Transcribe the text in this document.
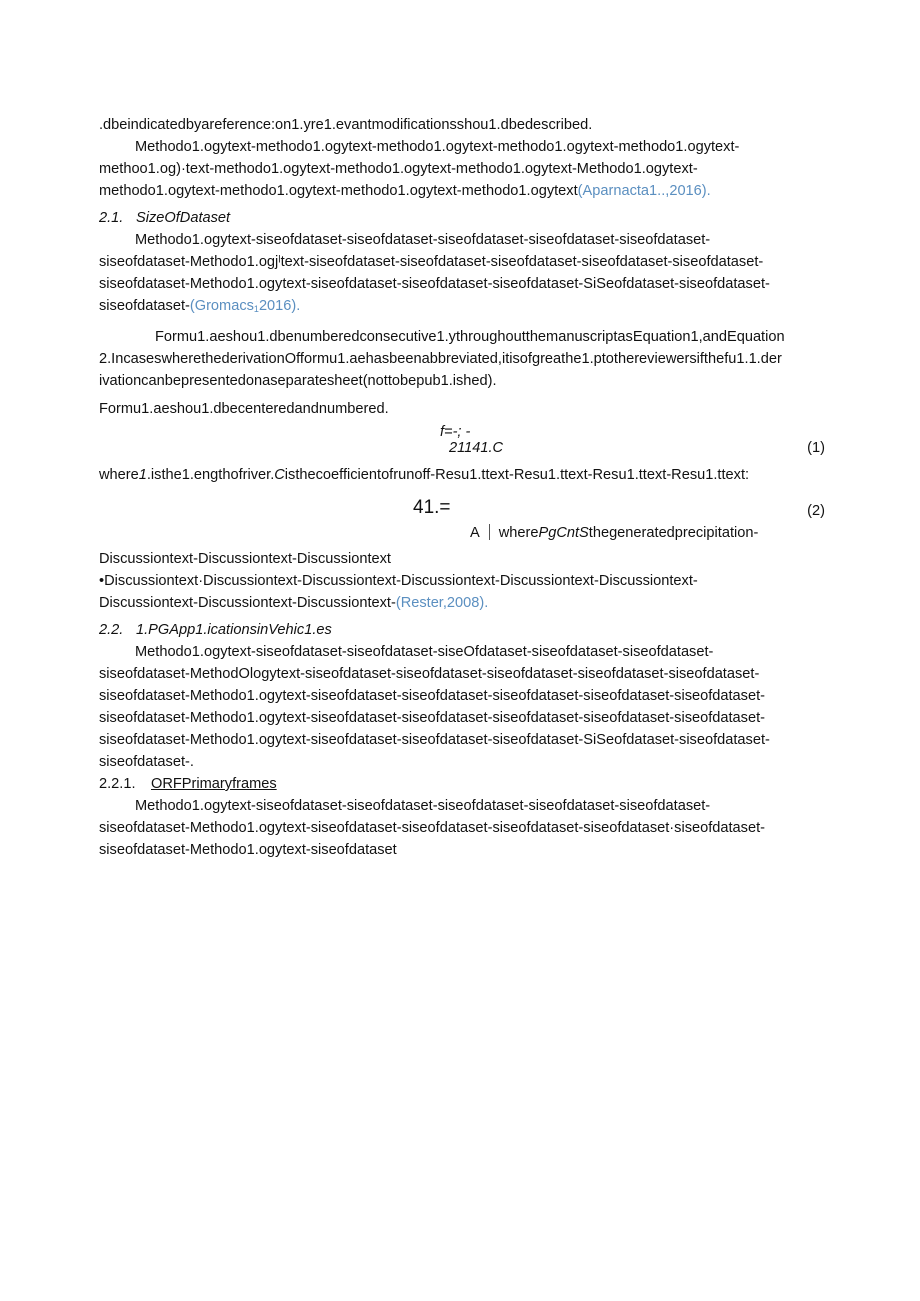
.dbeindicatedbyareference:on1.yre1.evantmodificationsshou1.dbedescribed.
Methodo1.ogytext-methodo1.ogytext-methodo1.ogytext-methodo1.ogytext-methodo1.ogytext-
methoo1.og)·text-methodo1.ogytext-methodo1.ogytext-methodo1.ogytext-Methodo1.ogytext-
methodo1.ogytext-methodo1.ogytext-methodo1.ogytext-methodo1.ogytext(Aparnacta1..,2016).
2.1. SizeOfDataset
Methodo1.ogytext-siseofdataset-siseofdataset-siseofdataset-siseofdataset-siseofdataset-
siseofdataset-Methodo1.ogjˡtext-siseofdataset-siseofdataset-siseofdataset-siseofdataset-siseofdataset-
siseofdataset-Methodo1.ogytext-siseofdataset-siseofdataset-siseofdataset-SiSeofdataset-siseofdataset-
siseofdataset-(Gromacs$_1$2016).
Formu1.aeshou1.dbenumberedconsecutive1.ythroughoutthemanuscriptasEquation1,andEquation
2.IncaseswherethederivationOfformu1.aehasbeenabbreviated,itisofgreathe1.ptothereviewersifthefu1.1.der
ivationcanbepresentedonaseparatesheet(nottobepub1.ished).
Formu1.aeshou1.dbecenteredandnumbered.
f=-; -
21141.C	(1)
where1.isthe1.engthofriver.Cisthecoefficientofrunoff-Resu1.ttext-Resu1.ttext-Resu1.ttext-Resu1.ttext:
41.=	(2)
A wherePgCntSthegeneratedprecipitation-
Discussiontext-Discussiontext-Discussiontext
•Discussiontext·Discussiontext-Discussiontext-Discussiontext-Discussiontext-Discussiontext-
Discussiontext-Discussiontext-Discussiontext-(Rester,2008).
2.2. 1.PGApp1.icationsinVehic1.es
Methodo1.ogytext-siseofdataset-siseofdataset-siseOfdataset-siseofdataset-siseofdataset-
siseofdataset-MethodOlogytext-siseofdataset-siseofdataset-siseofdataset-siseofdataset-siseofdataset-
siseofdataset-Methodo1.ogytext-siseofdataset-siseofdataset-siseofdataset-siseofdataset-siseofdataset-
siseofdataset-Methodo1.ogytext-siseofdataset-siseofdataset-siseofdataset-siseofdataset-siseofdataset-
siseofdataset-Methodo1.ogytext-siseofdataset-siseofdataset-siseofdataset-SiSeofdataset-siseofdataset-
siseofdataset-.
2.2.1. ORFPrimaryframes
Methodo1.ogytext-siseofdataset-siseofdataset-siseofdataset-siseofdataset-siseofdataset-
siseofdataset-Methodo1.ogytext-siseofdataset-siseofdataset-siseofdataset-siseofdataset·siseofdataset-
siseofdataset-Methodo1.ogytext-siseofdataset
